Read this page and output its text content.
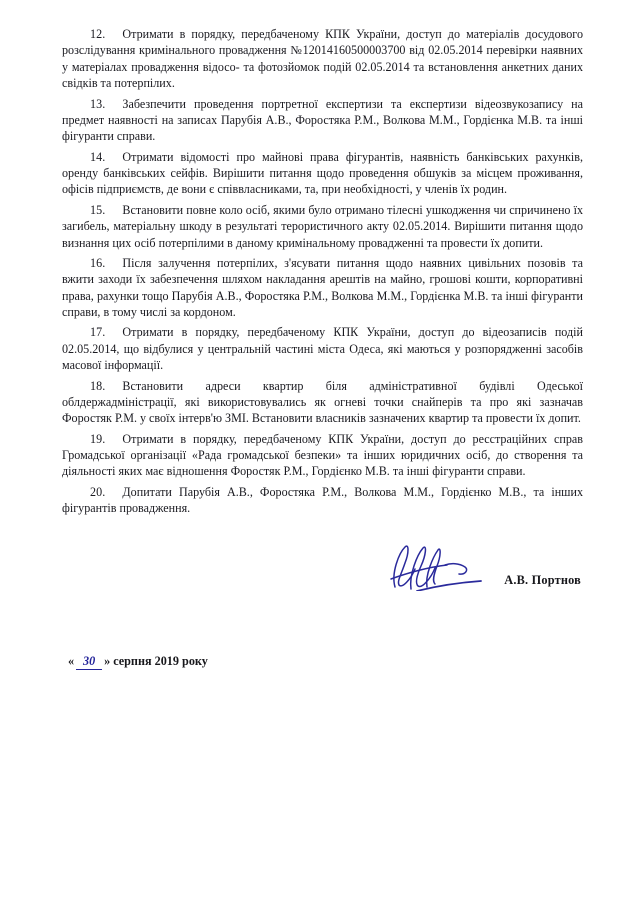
12. Отримати в порядку, передбаченому КПК України, доступ до матеріалів досудового розслідування кримінального провадження №12014160500003700 від 02.05.2014 перевірки наявних у матеріалах провадження відосо- та фотозйомок подій 02.05.2014 та встановлення анкетних даних свідків та потерпілих.

13. Забезпечити проведення портретної експертизи та експертизи відеозвукозапису на предмет наявності на записах Парубія А.В., Форостяка Р.М., Волкова М.М., Гордієнка М.В. та інші фігуранти справи.

14. Отримати відомості про майнові права фігурантів, наявність банківських рахунків, оренду банківських сейфів. Вирішити питання щодо проведення обшуків за місцем проживання, офісів підприємств, де вони є співвласниками, та, при необхідності, у членів їх родин.

15. Встановити повне коло осіб, якими було отримано тілесні ушкодження чи спричинено їх загибель, матеріальну шкоду в результаті терористичного акту 02.05.2014. Вирішити питання щодо визнання цих осіб потерпілими в даному кримінальному провадженні та провести їх допити.

16. Після залучення потерпілих, з'ясувати питання щодо наявних цивільних позовів та вжити заходи їх забезпечення шляхом накладання арештів на майно, грошові кошти, корпоративні права, рахунки тощо Парубія А.В., Форостяка Р.М., Волкова М.М., Гордієнка М.В. та інші фігуранти справи, в тому числі за кордоном.

17. Отримати в порядку, передбаченому КПК України, доступ до відеозаписів подій 02.05.2014, що відбулися у центральній частині міста Одеса, які маються у розпорядженні засобів масової інформації.

18. Встановити адреси квартир біля адміністративної будівлі Одеської облдержадміністрації, які використовувались як огневі точки снайперів та про які зазначав Форостяк Р.М. у своїх інтерв'ю ЗМІ. Встановити власників зазначених квартир та провести їх допит.

19. Отримати в порядку, передбаченому КПК України, доступ до ресстраційних справ Громадської організації «Рада громадської безпеки» та інших юридичних осіб, до створення та діяльності яких має відношення Форостяк Р.М., Гордієнко М.В. та інші фігуранти справи.

20. Допитати Парубія А.В., Форостяка Р.М., Волкова М.М., Гордієнко М.В., та інших фігурантів провадження.

А.В. Портнов
« 30 » серпня 2019 року
